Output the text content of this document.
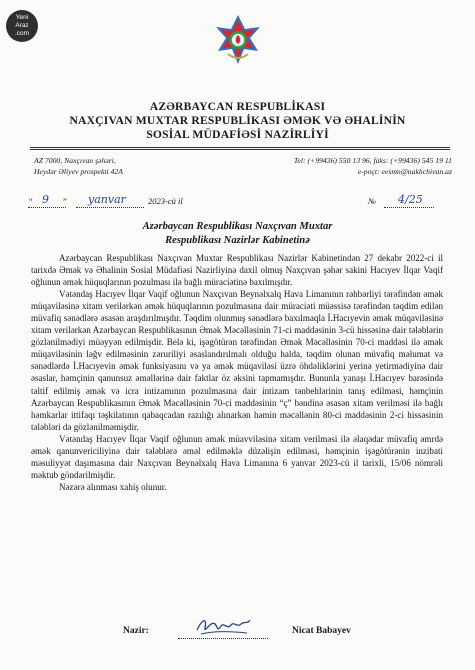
Yeni
Araz
.com
AZƏRBAYCAN RESPUBLİKASI
NAXÇIVAN MUXTAR RESPUBLİKASI ƏMƏK VƏ ƏHALİNİN
SOSİAL MÜDAFİƏSİ NAZİRLİYİ
AZ 7000, Naxçıvan şəhəri,
Heydər Əliyev prospekti 42A
Tel: (+99436) 550 13 96, faks: (+99436) 545 19 11
e-poçt: eesmn@nakhchivan.az
“ 9 ” yanvar	2023-cü il	№ 4/25
Azərbaycan Respublikası Naxçıvan Muxtar
Respublikası Nazirlər Kabinetinə

Azərbaycan Respublikası Naxçıvan Muxtar Respublikası Nazirlər Kabinetindən 27 dekabr 2022-ci il tarixdə Əmək və Əhalinin Sosial Müdafiəsi Nazirliyinə daxil olmuş Naxçıvan şəhər sakini Hacıyev İlqar Vaqif oğlunun əmək hüquqlarının pozulması ilə bağlı müraciətinə baxılmışdır.

Vətəndaş Hacıyev İlqar Vaqif oğlunun Naxçıvan Beynəlxalq Hava Limanının rəhbərliyi tərəfindən əmək müqaviləsinə xitam verilərkən əmək hüquqlarının pozulmasına dair müraciəti müəssisə tərəfindən təqdim edilən müvafiq sənədlərə əsasən araşdırılmışdır. Təqdim olunmuş sənədlərə baxılmaqla İ.Hacıyevin əmək müqaviləsinə xitam verilərkən Azərbaycan Respublikasının Əmək Məcəlləsinin 71-ci maddəsinin 3-cü hissəsinə dair tələblərin gözlənilmədiyi müəyyən edilmişdir. Belə ki, işəgötürən tərəfindən Əmək Məcəlləsinin 70-ci maddəsi ilə əmək müqaviləsinin ləğv edilməsinin zəruriliyi əsaslandırılmalı olduğu halda, təqdim olunan müvafiq məlumat və sənədlərdə İ.Hacıyevin əmək funksiyasını və ya əmək müqaviləsi üzrə öhdəliklərini yerinə yetirmədiyinə dair əsaslar, həmçinin qanunsuz əməllərinə dair faktlar öz əksini tapmamışdır. Bununla yanaşı İ.Hacıyev barəsində təltif edilmiş əmək və icra intizamının pozulmasına dair intizam tənbehlərinin tanış edilməsi, həmçinin Azərbaycan Respublikasının Əmək Məcəlləsinin 70-ci maddəsinin “ç” bəndinə əsasən xitam verilməsi ilə bağlı həmkarlar ittifaqı təşkilatının qabaqcadan razılığı alınarkən həmin məcəllənin 80-ci maddəsinin 2-ci hissəsinin tələbləri də gözlənilməmişdir.

Vətəndaş Hacıyev İlqar Vaqif oğlunun əmək müavviləsinə xitam verilməsi ilə əlaqədar müvafiq əmrdə əmək qanunvericiliyinə dair tələblərə əməl edilməklə düzəlişin edilməsi, həmçinin işəgötürənin inzibati məsuliyyət daşımasına dair Naxçıvan Beynəlxalq Hava Limanına 6 yanvar 2023-cü il tarixli, 15/06 nömrəli məktub göndərilmişdir.

Nəzərə alınması xahiş olunur.

Nazir:	Nicat Babayev
